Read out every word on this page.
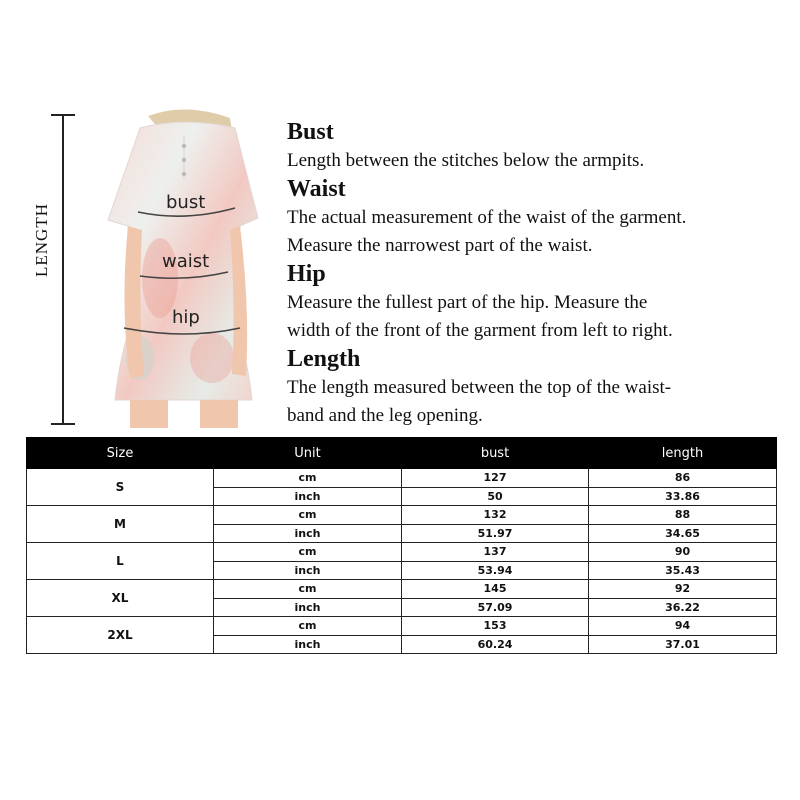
LENGTH
bust
waist
hip

Bust

Length between the stitches below the armpits.

Waist

The actual measurement of the waist of the garment.

Measure the narrowest part of the waist.

Hip

Measure the fullest part of the hip. Measure the

width of the front of the garment from left to right.

Length

The length measured between the top of the waist-

band and the leg opening.

Size	Unit	bust	length
S	cm	127	86
	inch	50	33.86
M	cm	132	88
	inch	51.97	34.65
L	cm	137	90
	inch	53.94	35.43
XL	cm	145	92
	inch	57.09	36.22
2XL	cm	153	94
	inch	60.24	37.01
